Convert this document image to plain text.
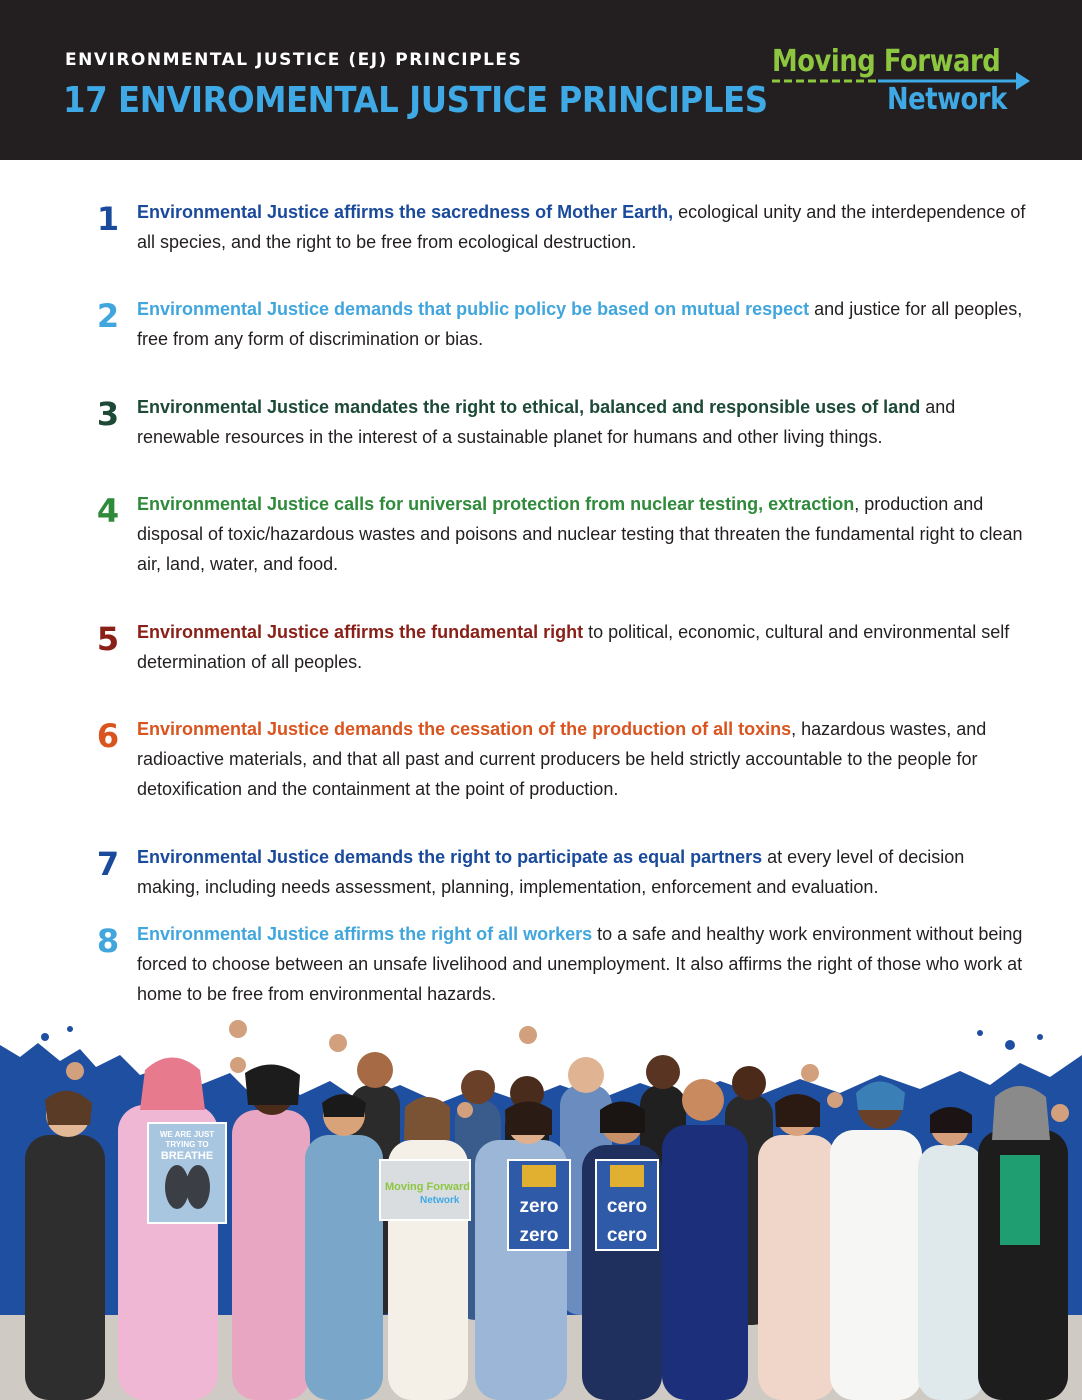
ENVIRONMENTAL JUSTICE (EJ) PRINCIPLES
17 ENVIROMENTAL JUSTICE PRINCIPLES
Moving Forward
Network
1 Environmental Justice affirms the sacredness of Mother Earth, ecological unity and the interdependence of all species, and the right to be free from ecological destruction.
2 Environmental Justice demands that public policy be based on mutual respect and justice for all peoples, free from any form of discrimination or bias.
3 Environmental Justice mandates the right to ethical, balanced and responsible uses of land and renewable resources in the interest of a sustainable planet for humans and other living things.
4 Environmental Justice calls for universal protection from nuclear testing, extraction, production and disposal of toxic/hazardous wastes and poisons and nuclear testing that threaten the fundamental right to clean air, land, water, and food.
5 Environmental Justice affirms the fundamental right to political, economic, cultural and environmental self determination of all peoples.
6 Environmental Justice demands the cessation of the production of all toxins, hazardous wastes, and radioactive materials, and that all past and current producers be held strictly accountable to the people for detoxification and the containment at the point of production.
7 Environmental Justice demands the right to participate as equal partners at every level of decision making, including needs assessment, planning, implementation, enforcement and evaluation.
8 Environmental Justice affirms the right of all workers to a safe and healthy work environment without being forced to choose between an unsafe livelihood and unemployment. It also affirms the right of those who work at home to be free from environmental hazards.
WE ARE JUST
TRYING TO
BREATHE
Moving Forward
Network	zero
zero
cero
cero
